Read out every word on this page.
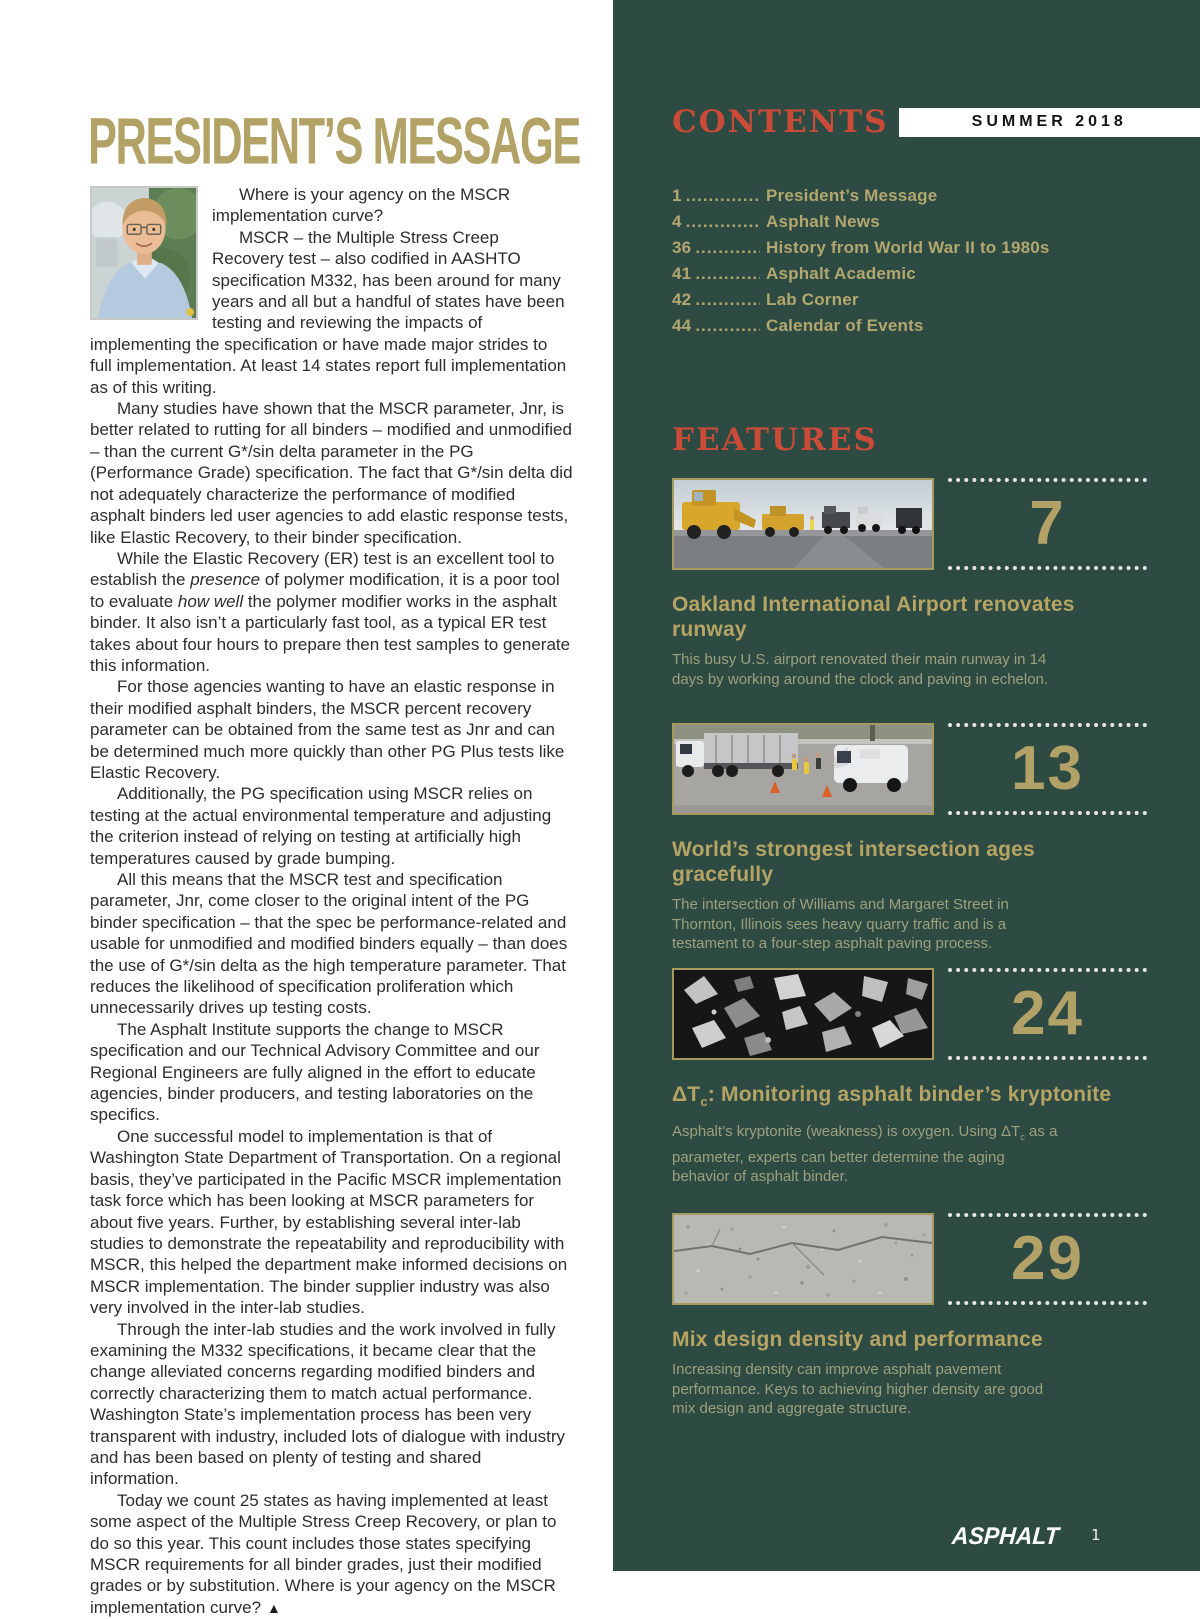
PRESIDENT’S MESSAGE

Where is your agency on the MSCR implementation curve?

MSCR – the Multiple Stress Creep Recovery test – also codified in AASHTO specification M332, has been around for many years and all but a handful of states have been testing and reviewing the impacts of implementing the specification or have made major strides to full implementation. At least 14 states report full implementation as of this writing.

Many studies have shown that the MSCR parameter, Jnr, is better related to rutting for all binders – modified and unmodified – than the current G*/sin delta parameter in the PG (Performance Grade) specification. The fact that G*/sin delta did not adequately characterize the performance of modified asphalt binders led user agencies to add elastic response tests, like Elastic Recovery, to their binder specification.

While the Elastic Recovery (ER) test is an excellent tool to establish the presence of polymer modification, it is a poor tool to evaluate how well the polymer modifier works in the asphalt binder. It also isn’t a particularly fast tool, as a typical ER test takes about four hours to prepare then test samples to generate this information.

For those agencies wanting to have an elastic response in their modified asphalt binders, the MSCR percent recovery parameter can be obtained from the same test as Jnr and can be determined much more quickly than other PG Plus tests like Elastic Recovery.

Additionally, the PG specification using MSCR relies on testing at the actual environmental temperature and adjusting the criterion instead of relying on testing at artificially high temperatures caused by grade bumping.

All this means that the MSCR test and specification parameter, Jnr, come closer to the original intent of the PG binder specification – that the spec be performance-related and usable for unmodified and modified binders equally – than does the use of G*/sin delta as the high temperature parameter. That reduces the likelihood of specification proliferation which unnecessarily drives up testing costs.

The Asphalt Institute supports the change to MSCR specification and our Technical Advisory Committee and our Regional Engineers are fully aligned in the effort to educate agencies, binder producers, and testing laboratories on the specifics.

One successful model to implementation is that of Washington State Department of Transportation. On a regional basis, they’ve participated in the Pacific MSCR implementation task force which has been looking at MSCR parameters for about five years. Further, by establishing several inter-lab studies to demonstrate the repeatability and reproducibility with MSCR, this helped the department make informed decisions on MSCR implementation. The binder supplier industry was also very involved in the inter-lab studies.

Through the inter-lab studies and the work involved in fully examining the M332 specifications, it became clear that the change alleviated concerns regarding modified binders and correctly characterizing them to match actual performance. Washington State’s implementation process has been very transparent with industry, included lots of dialogue with industry and has been based on plenty of testing and shared information.

Today we count 25 states as having implemented at least some aspect of the Multiple Stress Creep Recovery, or plan to do so this year. This count includes those states specifying MSCR requirements for all binder grades, just their modified grades or by substitution. Where is your agency on the MSCR implementation curve? ▲

CONTENTS	SUMMER 2018
1 .....	President’s Message
4 .....	Asphalt News
36 .....	History from World War II to 1980s
41 .....	Asphalt Academic
42 .....	Lab Corner
44 .....	Calendar of Events
FEATURES
7
Oakland International Airport renovates runway

This busy U.S. airport renovated their main runway in 14 days by working around the clock and paving in echelon.

13
World’s strongest intersection ages gracefully

The intersection of Williams and Margaret Street in Thornton, Illinois sees heavy quarry traffic and is a testament to a four-step asphalt paving process.

24
$\Delta T_c$: Monitoring asphalt binder’s kryptonite

Asphalt’s kryptonite (weakness) is oxygen. Using $\Delta T_c$ as a parameter, experts can better determine the aging behavior of asphalt binder.

29
Mix design density and performance

Increasing density can improve asphalt pavement performance. Keys to achieving higher density are good mix design and aggregate structure.

ASPHALT 1
